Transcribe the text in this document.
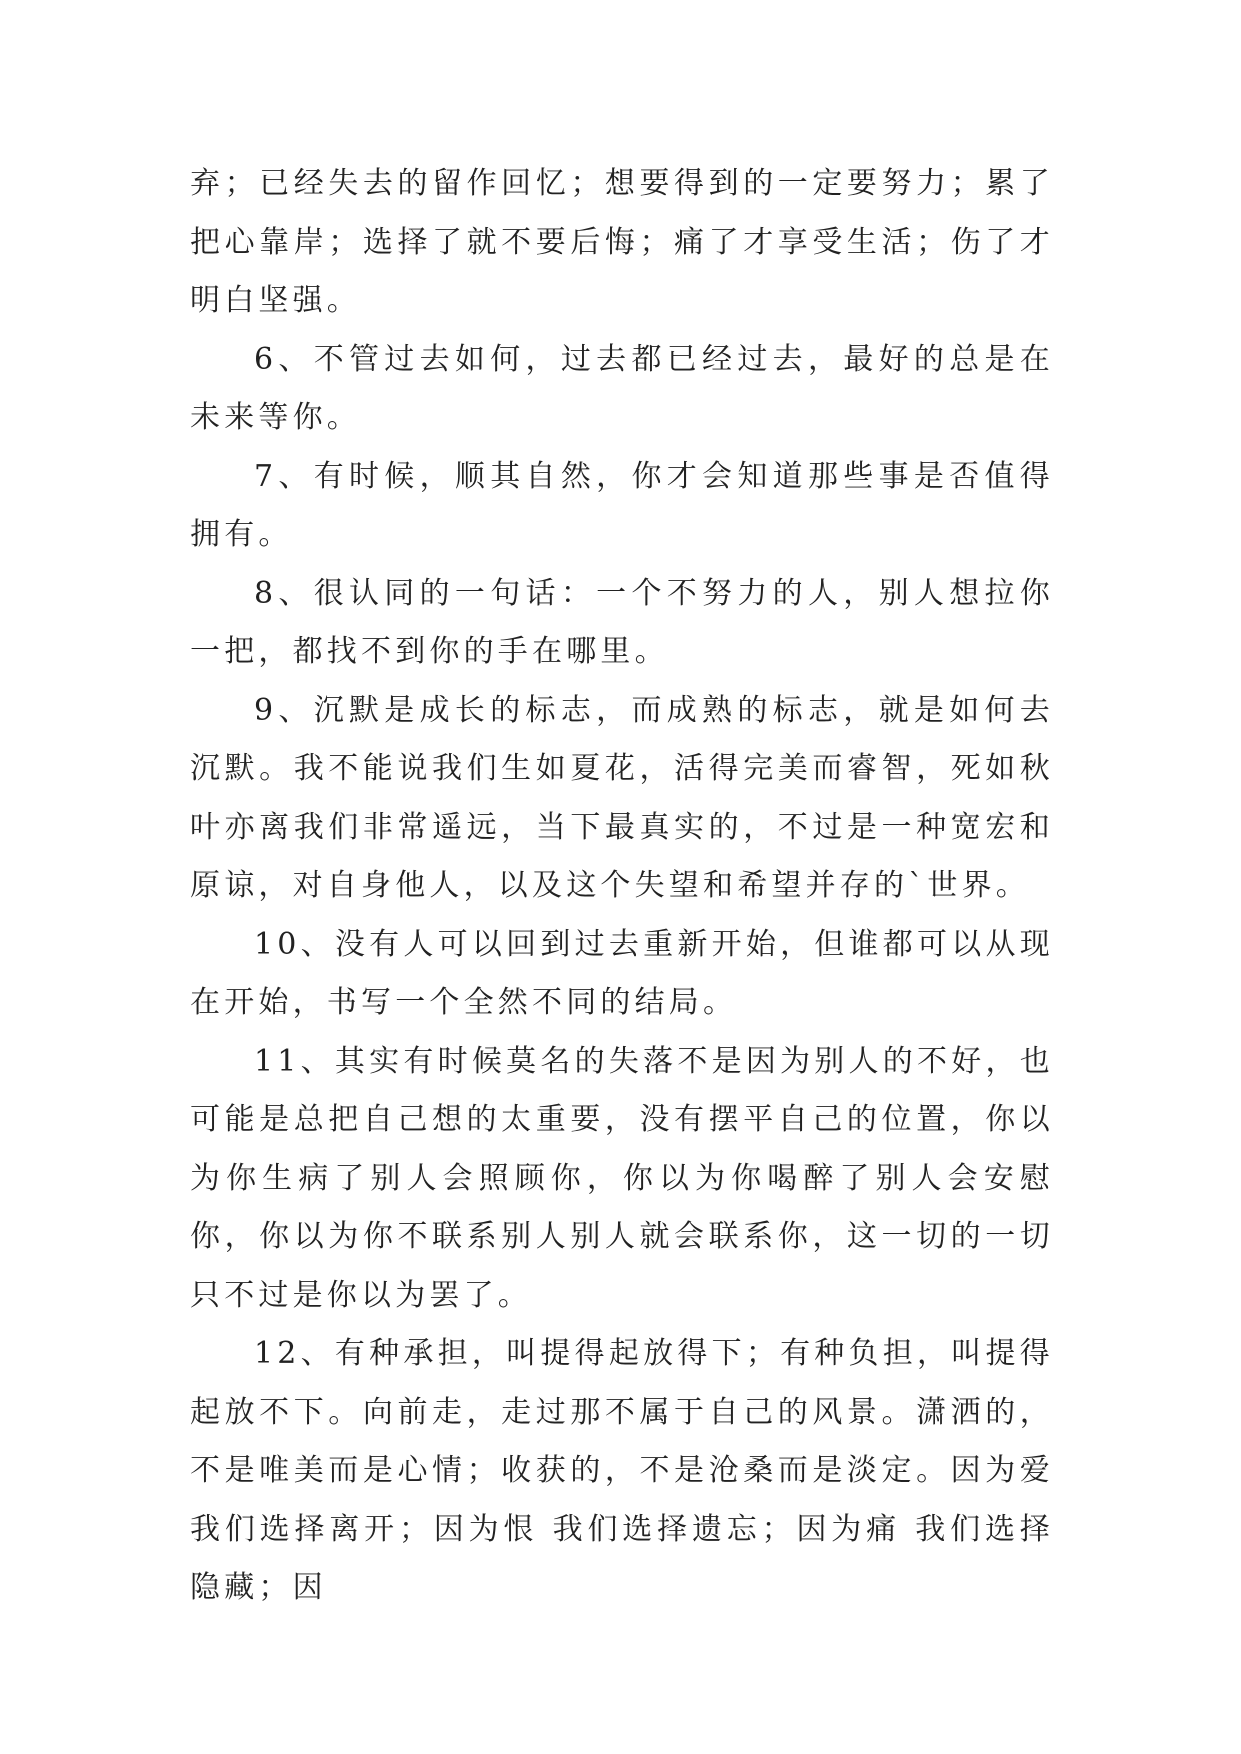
弃；已经失去的留作回忆；想要得到的一定要努力；累了把心靠岸；选择了就不要后悔；痛了才享受生活；伤了才明白坚强。

6、不管过去如何，过去都已经过去，最好的总是在未来等你。

7、有时候，顺其自然，你才会知道那些事是否值得拥有。

8、很认同的一句话：一个不努力的人，别人想拉你一把，都找不到你的手在哪里。

9、沉默是成长的标志，而成熟的标志，就是如何去沉默。我不能说我们生如夏花，活得完美而睿智，死如秋叶亦离我们非常遥远，当下最真实的，不过是一种宽宏和原谅，对自身他人，以及这个失望和希望并存的`世界。

10、没有人可以回到过去重新开始，但谁都可以从现在开始，书写一个全然不同的结局。

11、其实有时候莫名的失落不是因为别人的不好，也可能是总把自己想的太重要，没有摆平自己的位置，你以为你生病了别人会照顾你，你以为你喝醉了别人会安慰你，你以为你不联系别人别人就会联系你，这一切的一切只不过是你以为罢了。

12、有种承担，叫提得起放得下；有种负担，叫提得起放不下。向前走，走过那不属于自己的风景。潇洒的，不是唯美而是心情；收获的，不是沧桑而是淡定。因为爱我们选择离开；因为恨 我们选择遗忘；因为痛 我们选择隐藏；因
